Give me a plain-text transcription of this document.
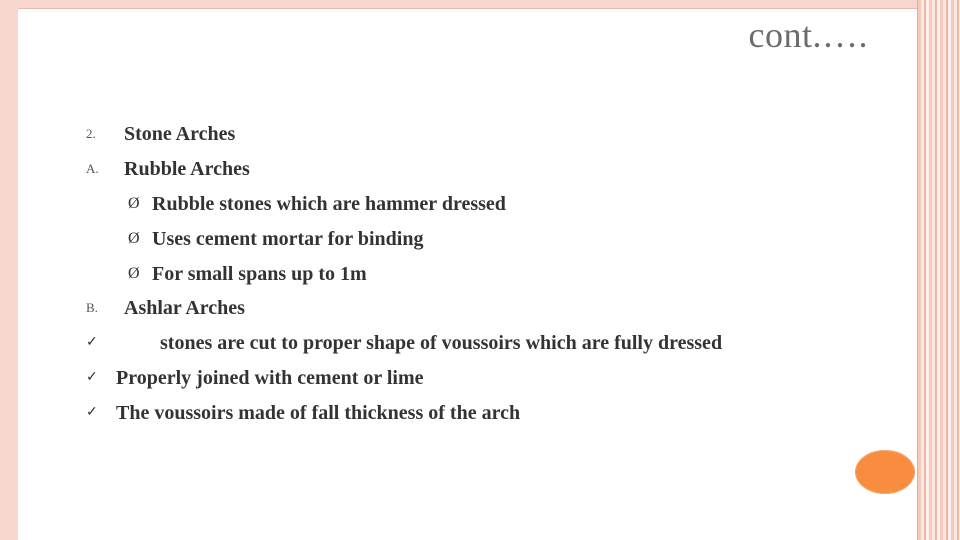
cont.….
2. Stone Arches
A. Rubble Arches
Ø Rubble stones which are hammer dressed
Ø Uses cement mortar for binding
Ø For small spans up to 1m
B. Ashlar Arches
✓	stones are cut to proper shape of voussoirs which are fully dressed
✓ Properly joined with cement or lime
✓ The voussoirs made of fall thickness of the arch
